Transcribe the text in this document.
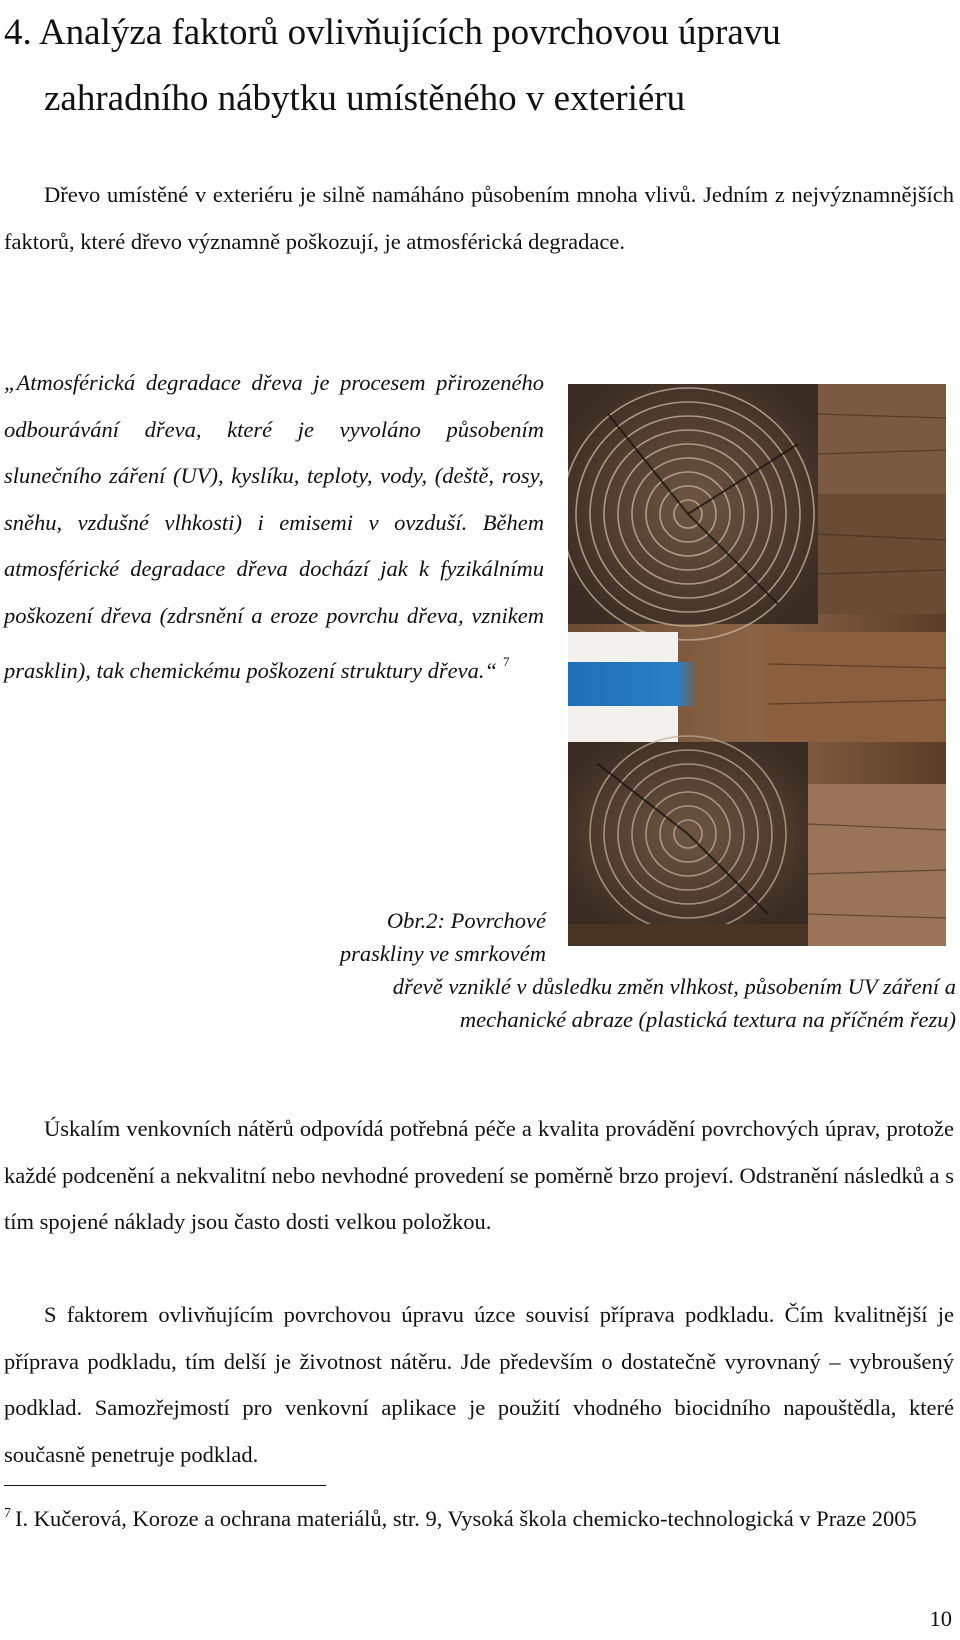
4. Analýza faktorů ovlivňujících povrchovou úpravu
zahradního nábytku umístěného v exteriéru

Dřevo umístěné v exteriéru je silně namáháno působením mnoha vlivů. Jedním z nejvýznamnějších faktorů, které dřevo významně poškozují, je atmosférická degradace.

„Atmosférická degradace dřeva je procesem přirozeného odbourávání dřeva, které je vyvoláno působením slunečního záření (UV), kyslíku, teploty, vody, (deště, rosy, sněhu, vzdušné vlhkosti) i emisemi v ovzduší. Během atmosférické degradace dřeva dochází jak k fyzikálnímu poškození dřeva (zdrsnění a eroze povrchu dřeva, vznikem prasklin), tak chemickému poškození struktury dřeva.“ $^7$

Obr.2: Povrchové
praskliny ve smrkovém
dřevě vzniklé v důsledku změn vlhkost, působením UV záření a
mechanické abraze (plastická textura na příčném řezu)

Úskalím venkovních nátěrů odpovídá potřebná péče a kvalita provádění povrchových úprav, protože každé podcenění a nekvalitní nebo nevhodné provedení se poměrně brzo projeví. Odstranění následků a s tím spojené náklady jsou často dosti velkou položkou.

S faktorem ovlivňujícím povrchovou úpravu úzce souvisí příprava podkladu. Čím kvalitnější je příprava podkladu, tím delší je životnost nátěru. Jde především o dostatečně vyrovnaný – vybroušený podklad. Samozřejmostí pro venkovní aplikace je použití vhodného biocidního napouštědla, které současně penetruje podklad.

$^7$ I. Kučerová, Koroze a ochrana materiálů, str. 9, Vysoká škola chemicko-technologická v Praze 2005

10
